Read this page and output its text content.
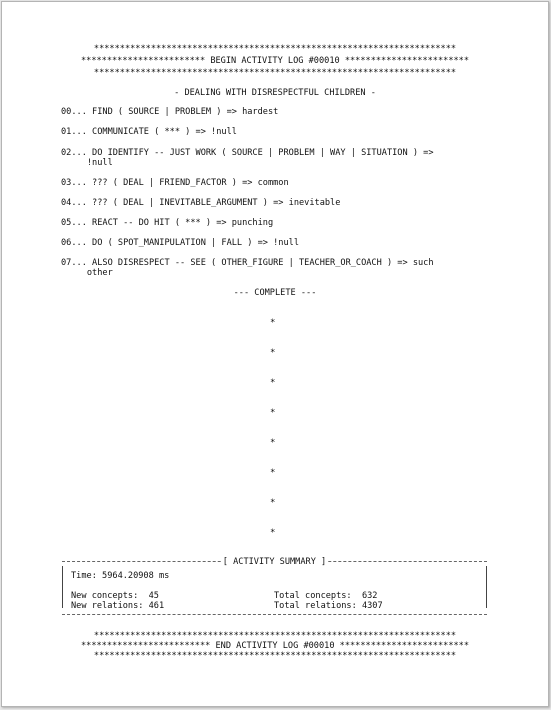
**********************************************************************
************************ BEGIN ACTIVITY LOG #00010 ************************
**********************************************************************
- DEALING WITH DISRESPECTFUL CHILDREN -
00... FIND ( SOURCE | PROBLEM ) => hardest
01... COMMUNICATE ( *** ) => !null
02... DO IDENTIFY -- JUST WORK ( SOURCE | PROBLEM | WAY | SITUATION ) =>
!null
03... ??? ( DEAL | FRIEND_FACTOR ) => common
04... ??? ( DEAL | INEVITABLE_ARGUMENT ) => inevitable
05... REACT -- DO HIT ( *** ) => punching
06... DO ( SPOT_MANIPULATION | FALL ) => !null
07... ALSO DISRESPECT -- SEE ( OTHER_FIGURE | TEACHER_OR_COACH ) => such
other
--- COMPLETE ---
*
*
*
*
*
*
*
*
[ ACTIVITY SUMMARY ]
Time: 5964.20908 ms
New concepts:  45
New relations: 461
Total concepts:  632
Total relations: 4307
**********************************************************************
************************* END ACTIVITY LOG #00010 *************************
**********************************************************************
